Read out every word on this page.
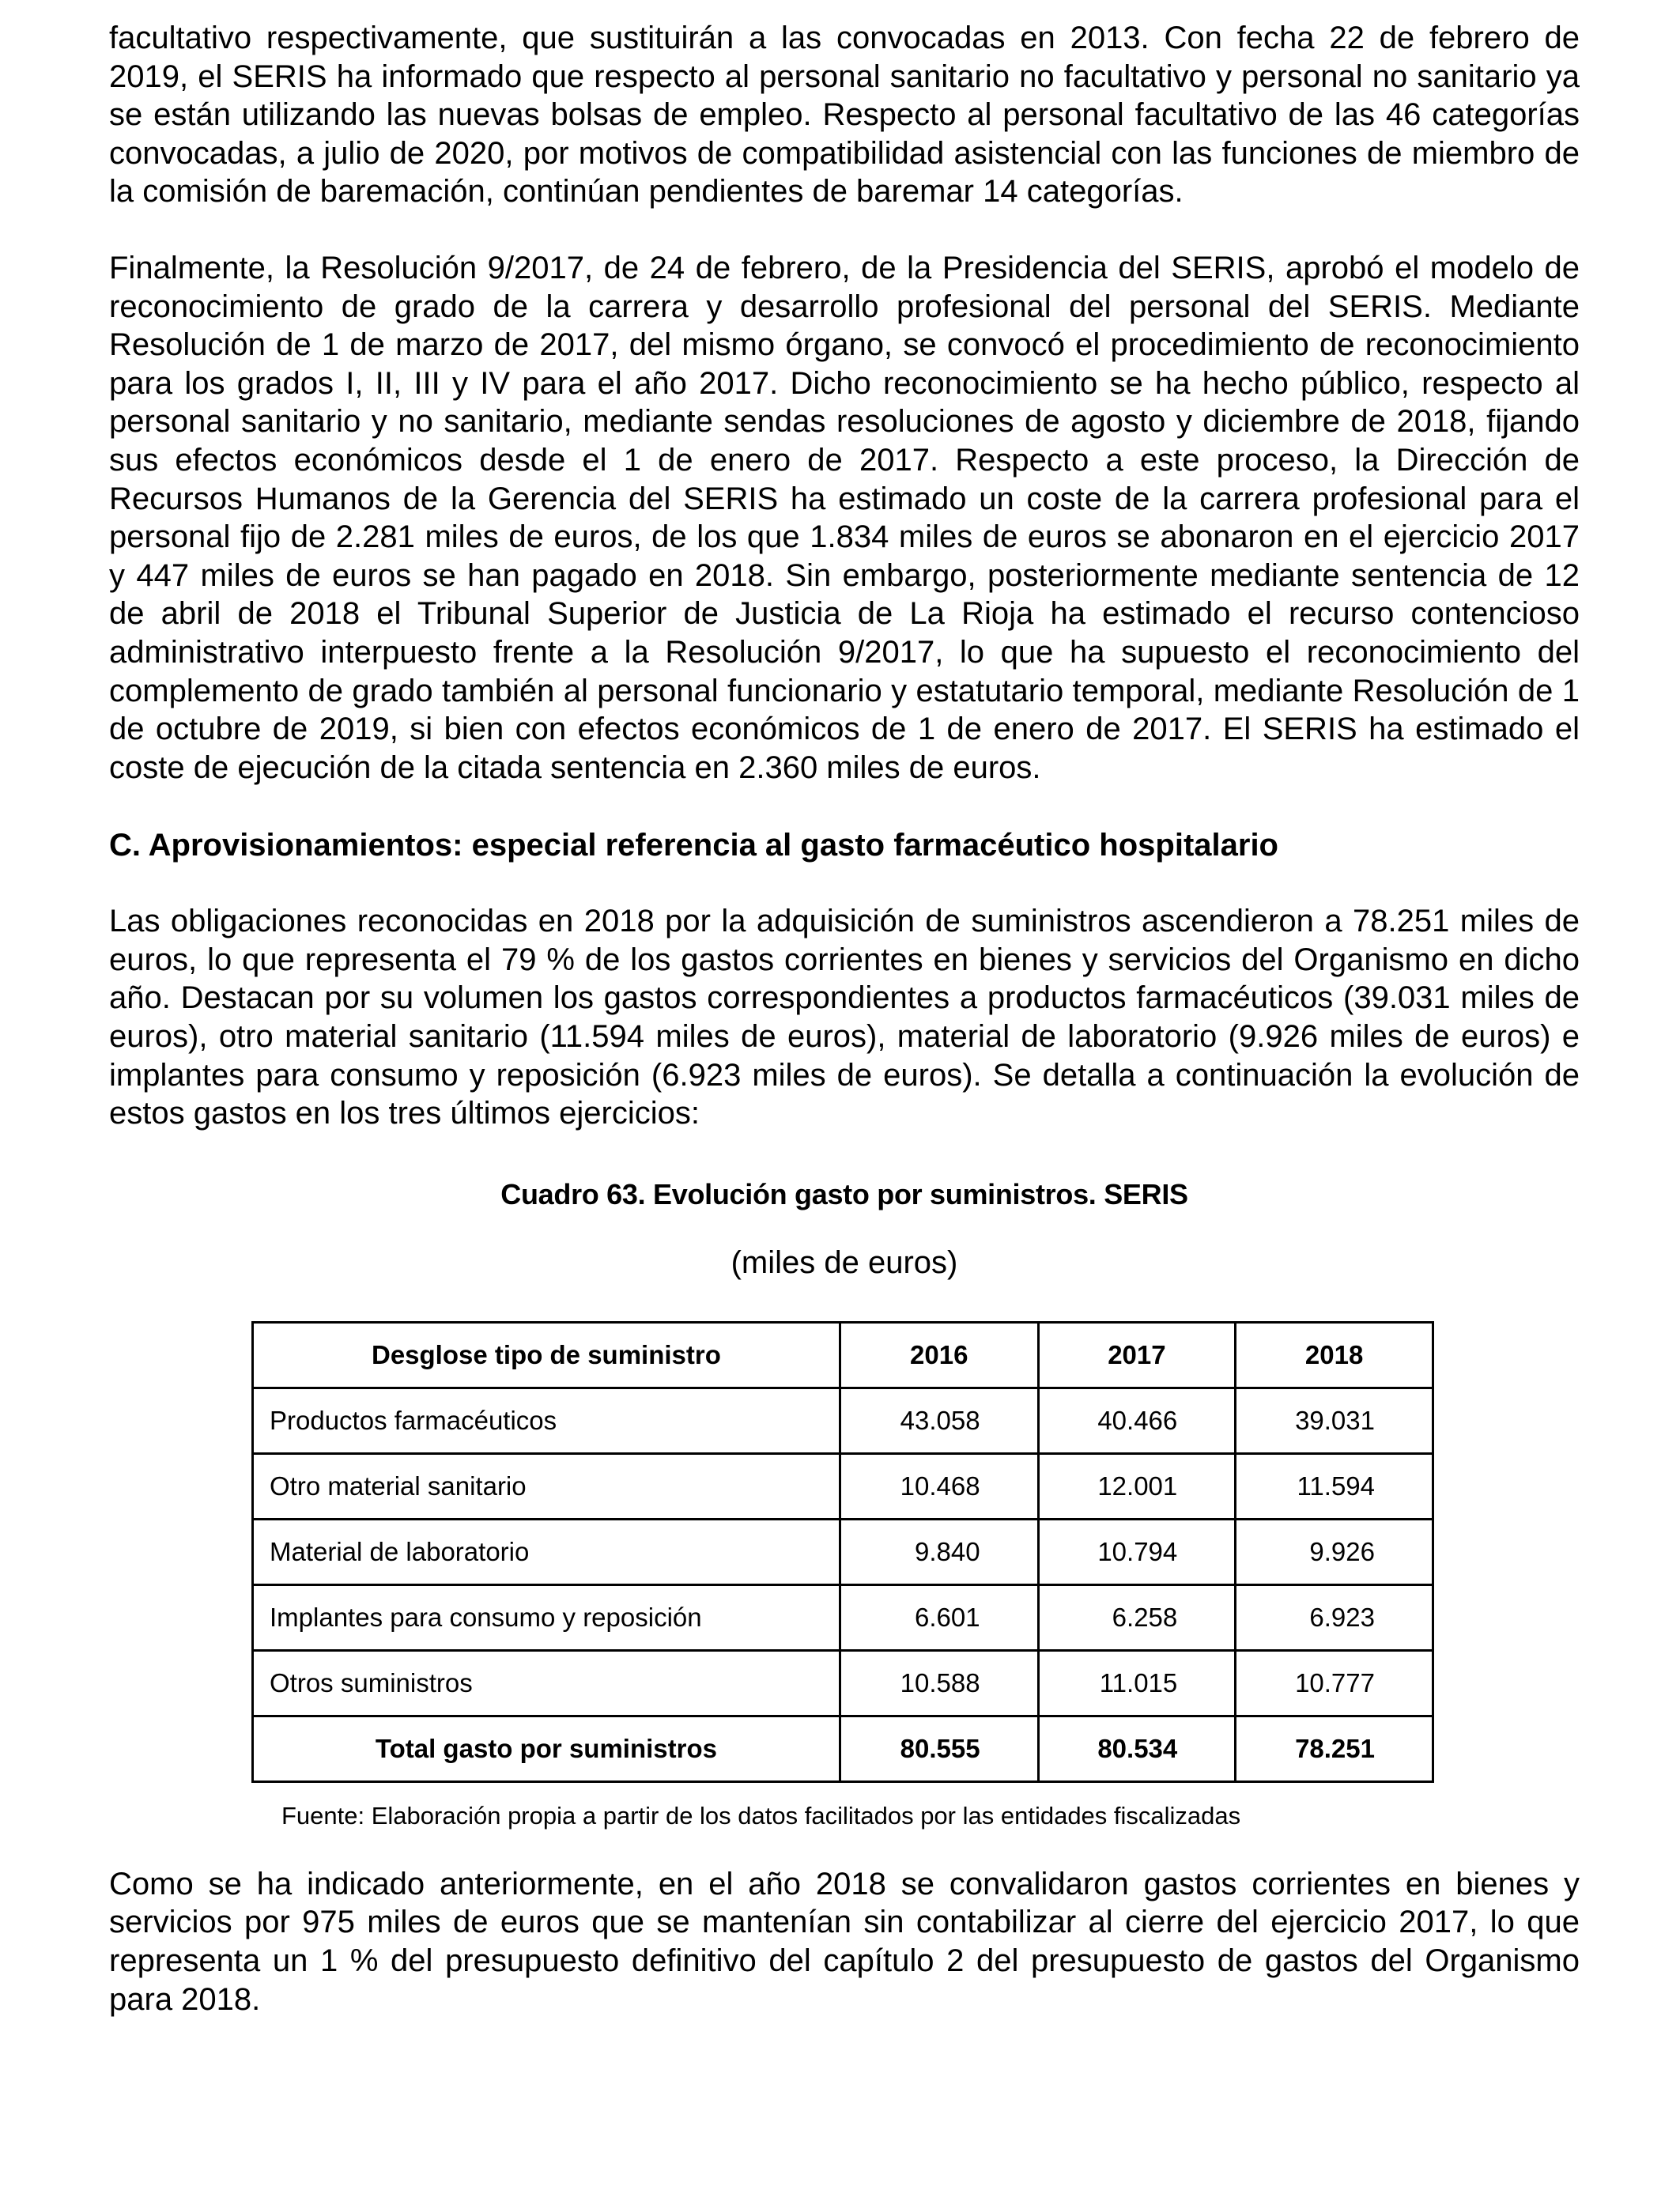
facultativo respectivamente, que sustituirán a las convocadas en 2013. Con fecha 22 de febrero de 2019, el SERIS ha informado que respecto al personal sanitario no facultativo y personal no sanitario ya se están utilizando las nuevas bolsas de empleo. Respecto al personal facultativo de las 46 categorías convocadas, a julio de 2020, por motivos de compatibilidad asistencial con las funciones de miembro de la comisión de baremación, continúan pendientes de baremar 14 categorías.

Finalmente, la Resolución 9/2017, de 24 de febrero, de la Presidencia del SERIS, aprobó el modelo de reconocimiento de grado de la carrera y desarrollo profesional del personal del SERIS. Mediante Resolución de 1 de marzo de 2017, del mismo órgano, se convocó el procedimiento de reconocimiento para los grados I, II, III y IV para el año 2017. Dicho reconocimiento se ha hecho público, respecto al personal sanitario y no sanitario, mediante sendas resoluciones de agosto y diciembre de 2018, fijando sus efectos económicos desde el 1 de enero de 2017. Respecto a este proceso, la Dirección de Recursos Humanos de la Gerencia del SERIS ha estimado un coste de la carrera profesional para el personal fijo de 2.281 miles de euros, de los que 1.834 miles de euros se abonaron en el ejercicio 2017 y 447 miles de euros se han pagado en 2018. Sin embargo, posteriormente mediante sentencia de 12 de abril de 2018 el Tribunal Superior de Justicia de La Rioja ha estimado el recurso contencioso administrativo interpuesto frente a la Resolución 9/2017, lo que ha supuesto el reconocimiento del complemento de grado también al personal funcionario y estatutario temporal, mediante Resolución de 1 de octubre de 2019, si bien con efectos económicos de 1 de enero de 2017. El SERIS ha estimado el coste de ejecución de la citada sentencia en 2.360 miles de euros.

C. Aprovisionamientos: especial referencia al gasto farmacéutico hospitalario

Las obligaciones reconocidas en 2018 por la adquisición de suministros ascendieron a 78.251 miles de euros, lo que representa el 79 % de los gastos corrientes en bienes y servicios del Organismo en dicho año. Destacan por su volumen los gastos correspondientes a productos farmacéuticos (39.031 miles de euros), otro material sanitario (11.594 miles de euros), material de laboratorio (9.926 miles de euros) e implantes para consumo y reposición (6.923 miles de euros). Se detalla a continuación la evolución de estos gastos en los tres últimos ejercicios:

Cuadro 63. Evolución gasto por suministros. SERIS
(miles de euros)
Desglose tipo de suministro	2016	2017	2018
Productos farmacéuticos	43.058	40.466	39.031
Otro material sanitario	10.468	12.001	11.594
Material de laboratorio	9.840	10.794	9.926
Implantes para consumo y reposición	6.601	6.258	6.923
Otros suministros	10.588	11.015	10.777
Total gasto por suministros	80.555	80.534	78.251
Fuente: Elaboración propia a partir de los datos facilitados por las entidades fiscalizadas

Como se ha indicado anteriormente, en el año 2018 se convalidaron gastos corrientes en bienes y servicios por 975 miles de euros que se mantenían sin contabilizar al cierre del ejercicio 2017, lo que representa un 1 % del presupuesto definitivo del capítulo 2 del presupuesto de gastos del Organismo para 2018.
